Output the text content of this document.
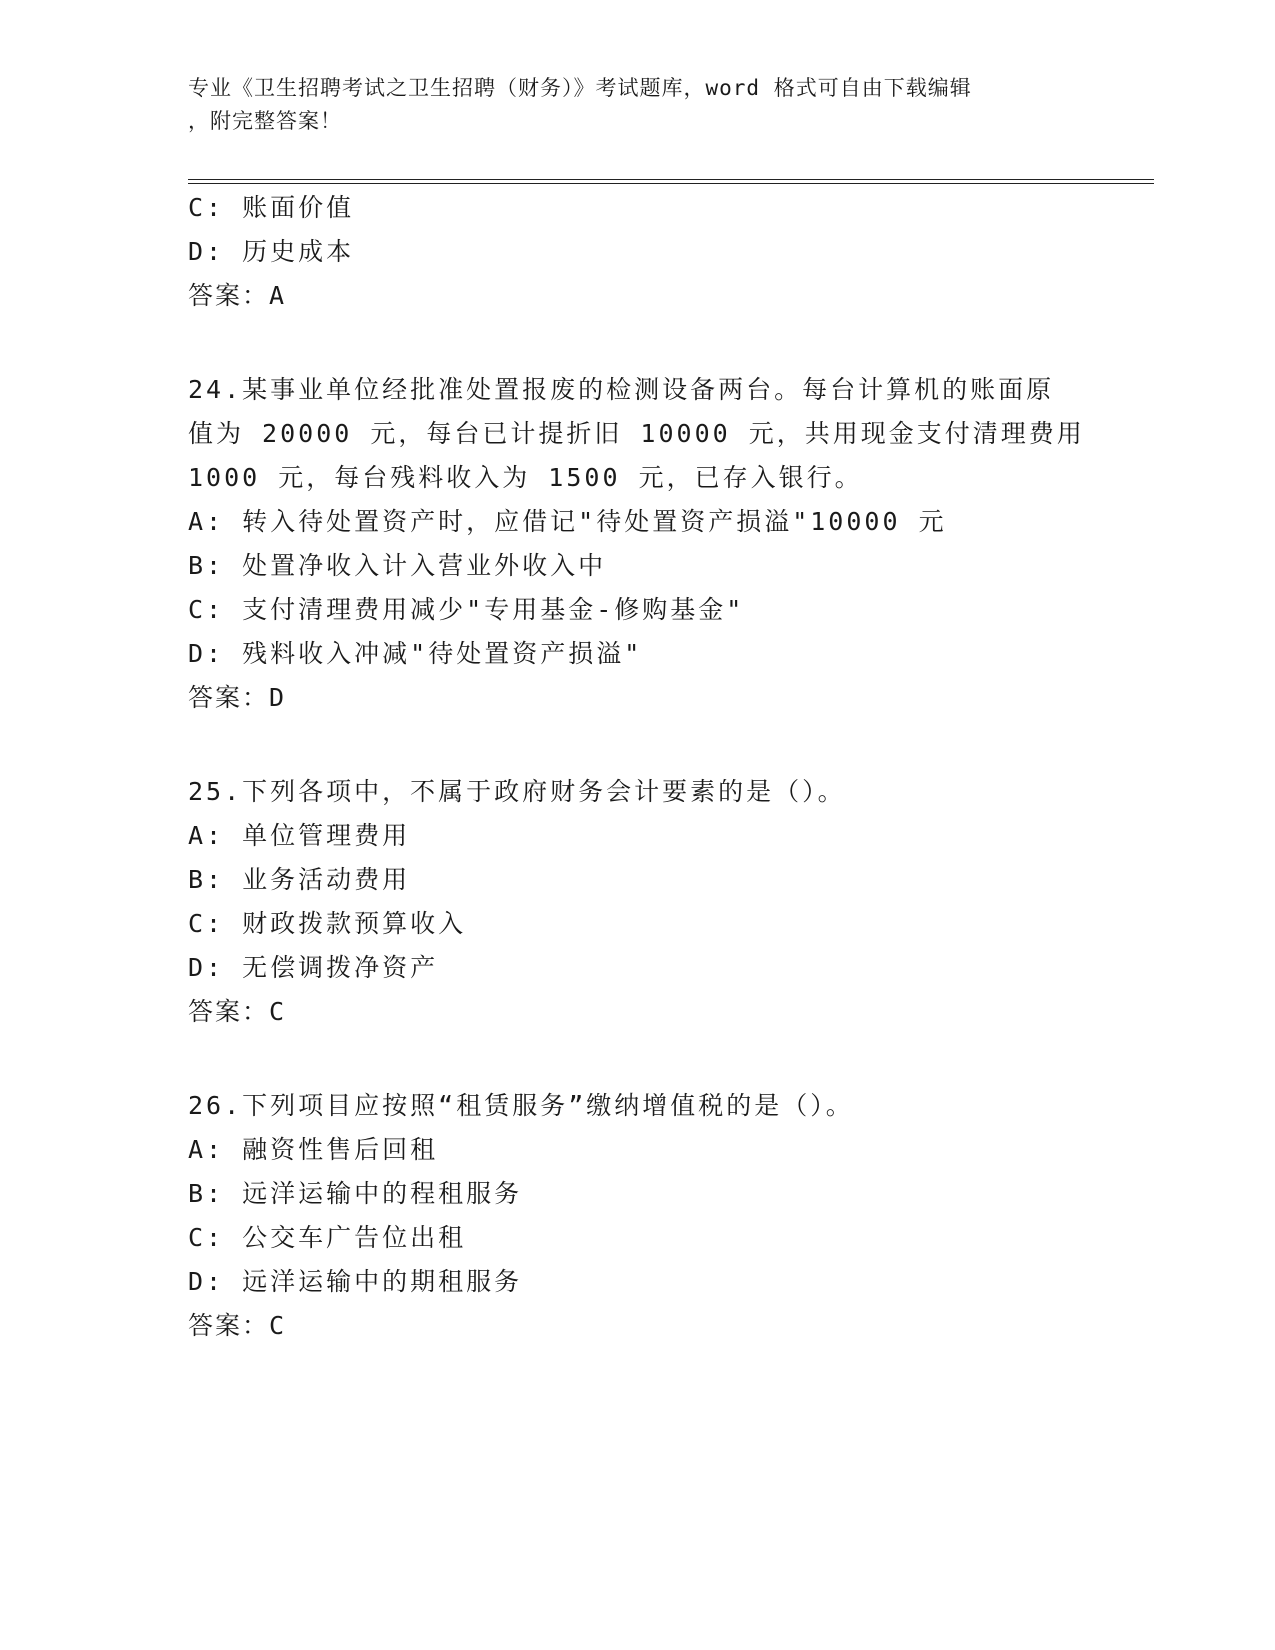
专业《卫生招聘考试之卫生招聘（财务）》考试题库，word 格式可自由下载编辑
，附完整答案！
C: 账面价值
D: 历史成本
答案：A
24.某事业单位经批准处置报废的检测设备两台。每台计算机的账面原
值为 20000 元，每台已计提折旧 10000 元，共用现金支付清理费用
1000 元，每台残料收入为 1500 元，已存入银行。
A: 转入待处置资产时，应借记"待处置资产损溢"10000 元
B: 处置净收入计入营业外收入中
C: 支付清理费用减少"专用基金-修购基金"
D: 残料收入冲减"待处置资产损溢"
答案：D
25.下列各项中，不属于政府财务会计要素的是（）。
A: 单位管理费用
B: 业务活动费用
C: 财政拨款预算收入
D: 无偿调拨净资产
答案：C
26.下列项目应按照“租赁服务”缴纳增值税的是（）。
A: 融资性售后回租
B: 远洋运输中的程租服务
C: 公交车广告位出租
D: 远洋运输中的期租服务
答案：C
